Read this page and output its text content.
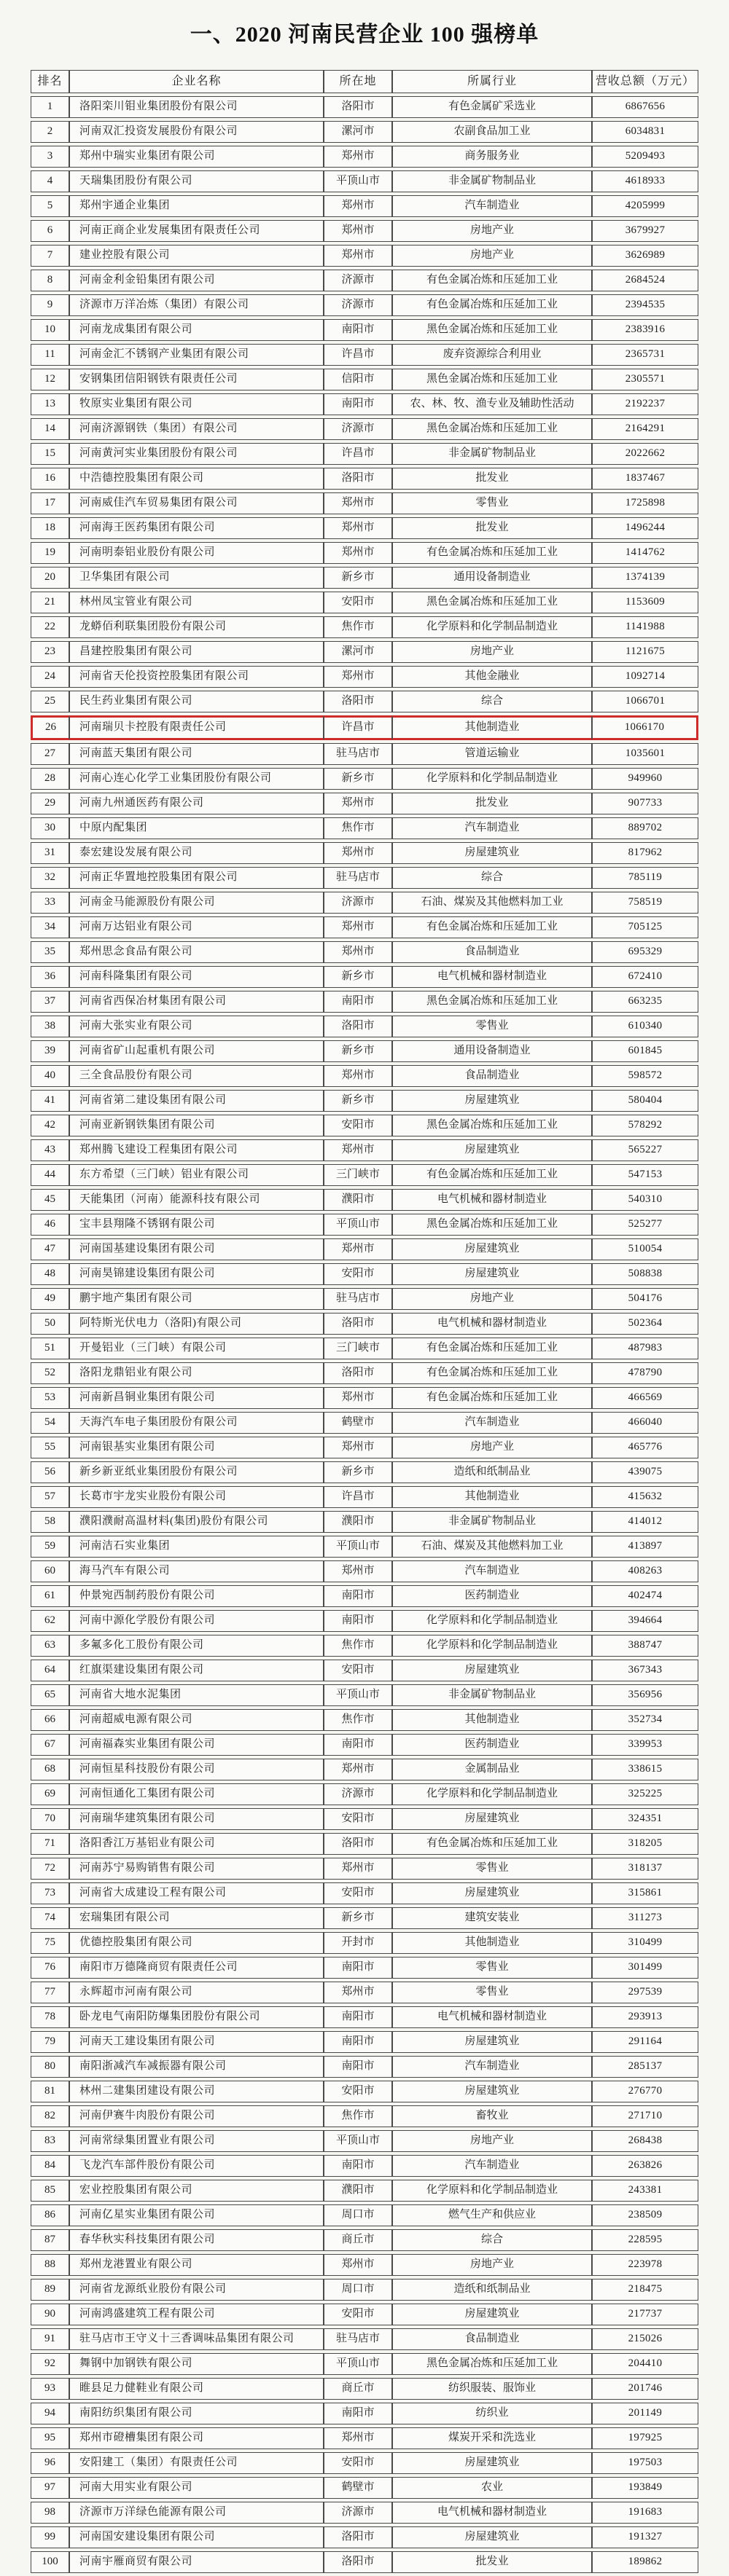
一、2020 河南民营企业 100 强榜单
排名	企业名称	所在地	所属行业	营收总额（万元）
1	洛阳栾川钼业集团股份有限公司	洛阳市	有色金属矿采选业	6867656
2	河南双汇投资发展股份有限公司	漯河市	农副食品加工业	6034831
3	郑州中瑞实业集团有限公司	郑州市	商务服务业	5209493
4	天瑞集团股份有限公司	平顶山市	非金属矿物制品业	4618933
5	郑州宇通企业集团	郑州市	汽车制造业	4205999
6	河南正商企业发展集团有限责任公司	郑州市	房地产业	3679927
7	建业控股有限公司	郑州市	房地产业	3626989
8	河南金利金铅集团有限公司	济源市	有色金属冶炼和压延加工业	2684524
9	济源市万洋冶炼（集团）有限公司	济源市	有色金属冶炼和压延加工业	2394535
10	河南龙成集团有限公司	南阳市	黑色金属冶炼和压延加工业	2383916
11	河南金汇不锈钢产业集团有限公司	许昌市	废弃资源综合利用业	2365731
12	安钢集团信阳钢铁有限责任公司	信阳市	黑色金属冶炼和压延加工业	2305571
13	牧原实业集团有限公司	南阳市	农、林、牧、渔专业及辅助性活动	2192237
14	河南济源钢铁（集团）有限公司	济源市	黑色金属冶炼和压延加工业	2164291
15	河南黄河实业集团股份有限公司	许昌市	非金属矿物制品业	2022662
16	中浩德控股集团有限公司	洛阳市	批发业	1837467
17	河南威佳汽车贸易集团有限公司	郑州市	零售业	1725898
18	河南海王医药集团有限公司	郑州市	批发业	1496244
19	河南明泰铝业股份有限公司	郑州市	有色金属冶炼和压延加工业	1414762
20	卫华集团有限公司	新乡市	通用设备制造业	1374139
21	林州凤宝管业有限公司	安阳市	黑色金属冶炼和压延加工业	1153609
22	龙蟒佰利联集团股份有限公司	焦作市	化学原料和化学制品制造业	1141988
23	昌建控股集团有限公司	漯河市	房地产业	1121675
24	河南省天伦投资控股集团有限公司	郑州市	其他金融业	1092714
25	民生药业集团有限公司	洛阳市	综合	1066701
26	河南瑞贝卡控股有限责任公司	许昌市	其他制造业	1066170
27	河南蓝天集团有限公司	驻马店市	管道运输业	1035601
28	河南心连心化学工业集团股份有限公司	新乡市	化学原料和化学制品制造业	949960
29	河南九州通医药有限公司	郑州市	批发业	907733
30	中原内配集团	焦作市	汽车制造业	889702
31	泰宏建设发展有限公司	郑州市	房屋建筑业	817962
32	河南正华置地控股集团有限公司	驻马店市	综合	785119
33	河南金马能源股份有限公司	济源市	石油、煤炭及其他燃料加工业	758519
34	河南万达铝业有限公司	郑州市	有色金属冶炼和压延加工业	705125
35	郑州思念食品有限公司	郑州市	食品制造业	695329
36	河南科隆集团有限公司	新乡市	电气机械和器材制造业	672410
37	河南省西保冶材集团有限公司	南阳市	黑色金属冶炼和压延加工业	663235
38	河南大张实业有限公司	洛阳市	零售业	610340
39	河南省矿山起重机有限公司	新乡市	通用设备制造业	601845
40	三全食品股份有限公司	郑州市	食品制造业	598572
41	河南省第二建设集团有限公司	新乡市	房屋建筑业	580404
42	河南亚新钢铁集团有限公司	安阳市	黑色金属冶炼和压延加工业	578292
43	郑州腾飞建设工程集团有限公司	郑州市	房屋建筑业	565227
44	东方希望（三门峡）铝业有限公司	三门峡市	有色金属冶炼和压延加工业	547153
45	天能集团（河南）能源科技有限公司	濮阳市	电气机械和器材制造业	540310
46	宝丰县翔隆不锈钢有限公司	平顶山市	黑色金属冶炼和压延加工业	525277
47	河南国基建设集团有限公司	郑州市	房屋建筑业	510054
48	河南昊锦建设集团有限公司	安阳市	房屋建筑业	508838
49	鹏宇地产集团有限公司	驻马店市	房地产业	504176
50	阿特斯光伏电力（洛阳)有限公司	洛阳市	电气机械和器材制造业	502364
51	开曼铝业（三门峡）有限公司	三门峡市	有色金属冶炼和压延加工业	487983
52	洛阳龙鼎铝业有限公司	洛阳市	有色金属冶炼和压延加工业	478790
53	河南新昌铜业集团有限公司	郑州市	有色金属冶炼和压延加工业	466569
54	天海汽车电子集团股份有限公司	鹤壁市	汽车制造业	466040
55	河南银基实业集团有限公司	郑州市	房地产业	465776
56	新乡新亚纸业集团股份有限公司	新乡市	造纸和纸制品业	439075
57	长葛市宇龙实业股份有限公司	许昌市	其他制造业	415632
58	濮阳濮耐高温材料(集团)股份有限公司	濮阳市	非金属矿物制品业	414012
59	河南洁石实业集团	平顶山市	石油、煤炭及其他燃料加工业	413897
60	海马汽车有限公司	郑州市	汽车制造业	408263
61	仲景宛西制药股份有限公司	南阳市	医药制造业	402474
62	河南中源化学股份有限公司	南阳市	化学原料和化学制品制造业	394664
63	多氟多化工股份有限公司	焦作市	化学原料和化学制品制造业	388747
64	红旗渠建设集团有限公司	安阳市	房屋建筑业	367343
65	河南省大地水泥集团	平顶山市	非金属矿物制品业	356956
66	河南超威电源有限公司	焦作市	其他制造业	352734
67	河南福森实业集团有限公司	南阳市	医药制造业	339953
68	河南恒星科技股份有限公司	郑州市	金属制品业	338615
69	河南恒通化工集团有限公司	济源市	化学原料和化学制品制造业	325225
70	河南瑞华建筑集团有限公司	安阳市	房屋建筑业	324351
71	洛阳香江万基铝业有限公司	洛阳市	有色金属冶炼和压延加工业	318205
72	河南苏宁易购销售有限公司	郑州市	零售业	318137
73	河南省大成建设工程有限公司	安阳市	房屋建筑业	315861
74	宏瑞集团有限公司	新乡市	建筑安装业	311273
75	优德控股集团有限公司	开封市	其他制造业	310499
76	南阳市万德隆商贸有限责任公司	南阳市	零售业	301499
77	永辉超市河南有限公司	郑州市	零售业	297539
78	卧龙电气南阳防爆集团股份有限公司	南阳市	电气机械和器材制造业	293913
79	河南天工建设集团有限公司	南阳市	房屋建筑业	291164
80	南阳浙减汽车减振器有限公司	南阳市	汽车制造业	285137
81	林州二建集团建设有限公司	安阳市	房屋建筑业	276770
82	河南伊赛牛肉股份有限公司	焦作市	畜牧业	271710
83	河南常绿集团置业有限公司	平顶山市	房地产业	268438
84	飞龙汽车部件股份有限公司	南阳市	汽车制造业	263826
85	宏业控股集团有限公司	濮阳市	化学原料和化学制品制造业	243381
86	河南亿星实业集团有限公司	周口市	燃气生产和供应业	238509
87	春华秋实科技集团有限公司	商丘市	综合	228595
88	郑州龙港置业有限公司	郑州市	房地产业	223978
89	河南省龙源纸业股份有限公司	周口市	造纸和纸制品业	218475
90	河南鸿盛建筑工程有限公司	安阳市	房屋建筑业	217737
91	驻马店市王守义十三香调味品集团有限公司	驻马店市	食品制造业	215026
92	舞钢中加钢铁有限公司	平顶山市	黑色金属冶炼和压延加工业	204410
93	睢县足力健鞋业有限公司	商丘市	纺织服装、服饰业	201746
94	南阳纺织集团有限公司	南阳市	纺织业	201149
95	郑州市磴槽集团有限公司	郑州市	煤炭开采和洗选业	197925
96	安阳建工（集团）有限责任公司	安阳市	房屋建筑业	197503
97	河南大用实业有限公司	鹤壁市	农业	193849
98	济源市万洋绿色能源有限公司	济源市	电气机械和器材制造业	191683
99	河南国安建设集团有限公司	洛阳市	房屋建筑业	191327
100	河南宇雁商贸有限公司	洛阳市	批发业	189862
